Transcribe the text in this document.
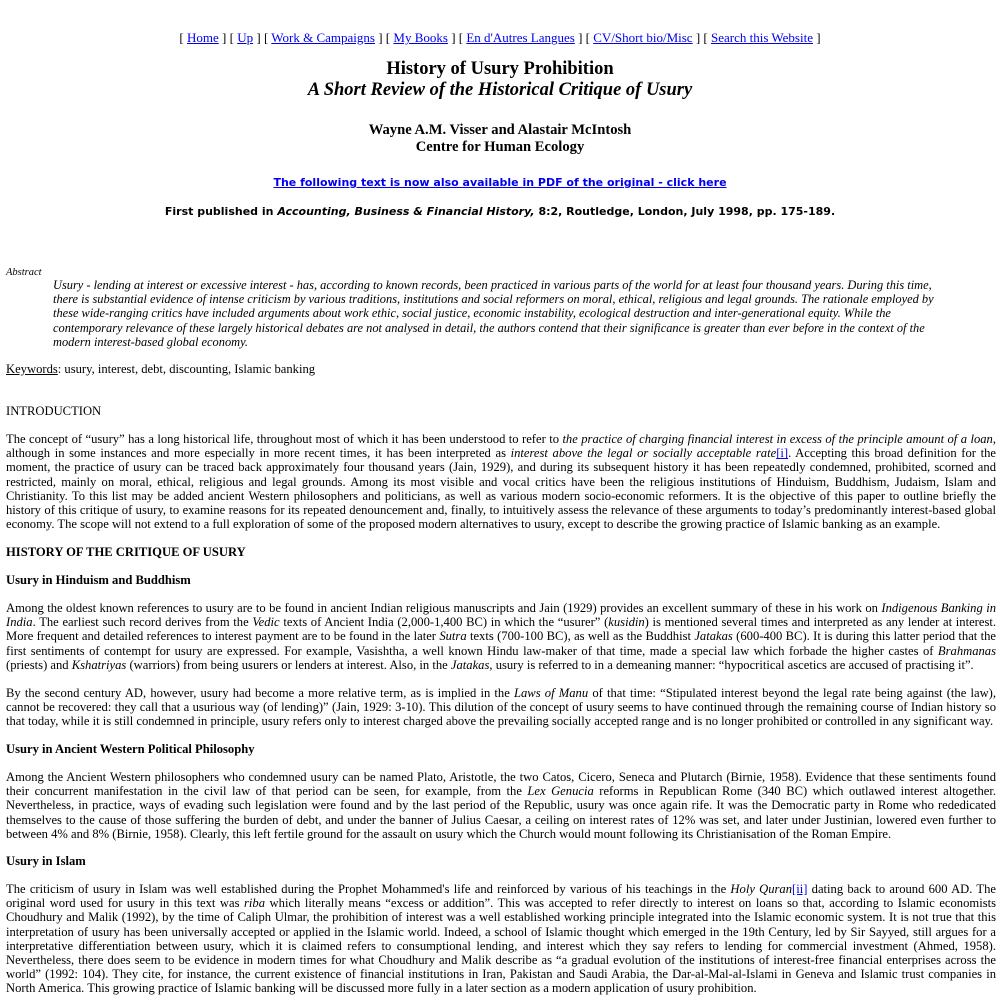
[ Home ] [ Up ] [ Work & Campaigns ] [ My Books ] [ En d'Autres Langues ] [ CV/Short bio/Misc ] [ Search this Website ]
History of Usury Prohibition
A Short Review of the Historical Critique of Usury
Wayne A.M. Visser and Alastair McIntosh
Centre for Human Ecology
The following text is now also available in PDF of the original - click here
First published in Accounting, Business & Financial History, 8:2, Routledge, London, July 1998, pp. 175-189.
Abstract
Usury - lending at interest or excessive interest - has, according to known records, been practiced in various parts of the world for at least four thousand years. During this time, there is substantial evidence of intense criticism by various traditions, institutions and social reformers on moral, ethical, religious and legal grounds. The rationale employed by these wide-ranging critics have included arguments about work ethic, social justice, economic instability, ecological destruction and inter-generational equity. While the contemporary relevance of these largely historical debates are not analysed in detail, the authors contend that their significance is greater than ever before in the context of the modern interest-based global economy.
Keywords: usury, interest, debt, discounting, Islamic banking
INTRODUCTION
The concept of “usury” has a long historical life, throughout most of which it has been understood to refer to the practice of charging financial interest in excess of the principle amount of a loan, although in some instances and more especially in more recent times, it has been interpreted as interest above the legal or socially acceptable rate[i]. Accepting this broad definition for the moment, the practice of usury can be traced back approximately four thousand years (Jain, 1929), and during its subsequent history it has been repeatedly condemned, prohibited, scorned and restricted, mainly on moral, ethical, religious and legal grounds. Among its most visible and vocal critics have been the religious institutions of Hinduism, Buddhism, Judaism, Islam and Christianity. To this list may be added ancient Western philosophers and politicians, as well as various modern socio-economic reformers. It is the objective of this paper to outline briefly the history of this critique of usury, to examine reasons for its repeated denouncement and, finally, to intuitively assess the relevance of these arguments to today’s predominantly interest-based global economy. The scope will not extend to a full exploration of some of the proposed modern alternatives to usury, except to describe the growing practice of Islamic banking as an example.
HISTORY OF THE CRITIQUE OF USURY
Usury in Hinduism and Buddhism
Among the oldest known references to usury are to be found in ancient Indian religious manuscripts and Jain (1929) provides an excellent summary of these in his work on Indigenous Banking in India. The earliest such record derives from the Vedic texts of Ancient India (2,000-1,400 BC) in which the “usurer” (kusidin) is mentioned several times and interpreted as any lender at interest. More frequent and detailed references to interest payment are to be found in the later Sutra texts (700-100 BC), as well as the Buddhist Jatakas (600-400 BC). It is during this latter period that the first sentiments of contempt for usury are expressed. For example, Vasishtha, a well known Hindu law-maker of that time, made a special law which forbade the higher castes of Brahmanas (priests) and Kshatriyas (warriors) from being usurers or lenders at interest. Also, in the Jatakas, usury is referred to in a demeaning manner: “hypocritical ascetics are accused of practising it”.
By the second century AD, however, usury had become a more relative term, as is implied in the Laws of Manu of that time: “Stipulated interest beyond the legal rate being against (the law), cannot be recovered: they call that a usurious way (of lending)” (Jain, 1929: 3-10). This dilution of the concept of usury seems to have continued through the remaining course of Indian history so that today, while it is still condemned in principle, usury refers only to interest charged above the prevailing socially accepted range and is no longer prohibited or controlled in any significant way.
Usury in Ancient Western Political Philosophy
Among the Ancient Western philosophers who condemned usury can be named Plato, Aristotle, the two Catos, Cicero, Seneca and Plutarch (Birnie, 1958). Evidence that these sentiments found their concurrent manifestation in the civil law of that period can be seen, for example, from the Lex Genucia reforms in Republican Rome (340 BC) which outlawed interest altogether. Nevertheless, in practice, ways of evading such legislation were found and by the last period of the Republic, usury was once again rife. It was the Democratic party in Rome who rededicated themselves to the cause of those suffering the burden of debt, and under the banner of Julius Caesar, a ceiling on interest rates of 12% was set, and later under Justinian, lowered even further to between 4% and 8% (Birnie, 1958). Clearly, this left fertile ground for the assault on usury which the Church would mount following its Christianisation of the Roman Empire.
Usury in Islam
The criticism of usury in Islam was well established during the Prophet Mohammed's life and reinforced by various of his teachings in the Holy Quran[ii] dating back to around 600 AD. The original word used for usury in this text was riba which literally means “excess or addition”. This was accepted to refer directly to interest on loans so that, according to Islamic economists Choudhury and Malik (1992), by the time of Caliph Ulmar, the prohibition of interest was a well established working principle integrated into the Islamic economic system. It is not true that this interpretation of usury has been universally accepted or applied in the Islamic world. Indeed, a school of Islamic thought which emerged in the 19th Century, led by Sir Sayyed, still argues for a interpretative differentiation between usury, which it is claimed refers to consumptional lending, and interest which they say refers to lending for commercial investment (Ahmed, 1958). Nevertheless, there does seem to be evidence in modern times for what Choudhury and Malik describe as “a gradual evolution of the institutions of interest-free financial enterprises across the world” (1992: 104). They cite, for instance, the current existence of financial institutions in Iran, Pakistan and Saudi Arabia, the Dar-al-Mal-al-Islami in Geneva and Islamic trust companies in North America. This growing practice of Islamic banking will be discussed more fully in a later section as a modern application of usury prohibition.
